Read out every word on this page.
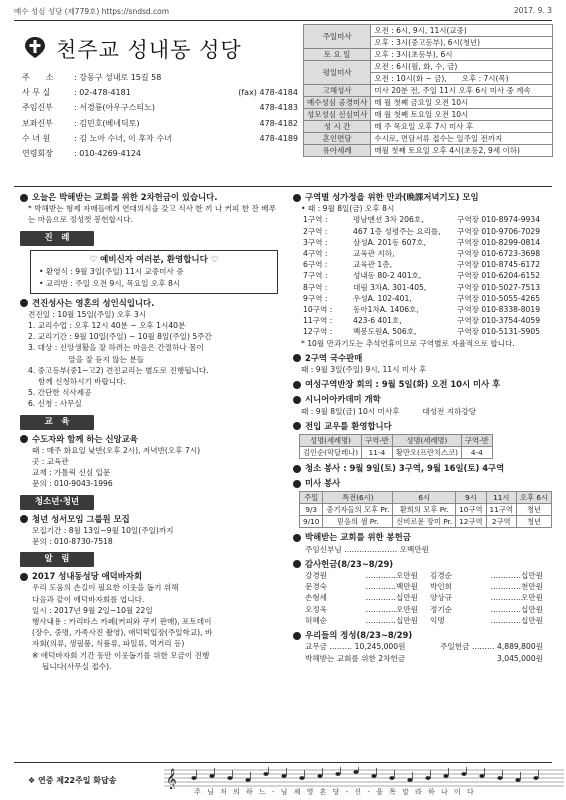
예수 성심 성당 (제779호) https://sndsd.com	2017. 9. 3
천주교 성내동 성당
주　　소	: 강동구 성내로 15길 58
사 무 실	: 02-478-4181	(fax) 478-4184
주임신부	: 서경룡(아우구스티노)	478-4183
보좌신부	: 김민호(베네딕토)	478-4182
수 녀 원	: 김 노아 수녀, 이 후자 수녀	478-4189
연령회장	: 010-4269-4124
주일미사	오전 : 6시, 9시, 11시(교중)
	오후 : 3시(중고등부), 6시(청년)
토 요 일	오후 : 3시(초등부), 6시
평일미사	오전 : 6시(월, 화, 수, 금)
	오전 : 10시(화 ~ 금),　　오후 : 7시(목)
고해성사	미사 20분 전, 주일 11시 오후 6시 미사 중 계속
예수성심 공경미사	매 월 첫째 금요일 오전 10시
성모성심 신심미사	매 월 첫째 토요일 오전 10시
성 시 간	매 주 목요일 오후 7시 미사 후
혼인면담	수시로, 면담서류 접수는 일주일 전까지
유아세례	매월 첫째 토요일 오후 4시(초등2, 9세 이하)
오늘은 박해받는 교회를 위한 2차헌금이 있습니다.
* 박해받는 형제 자매들에게 연대의식을 갖고 식사 한 끼 나 커피 한 잔 배푸는 마음으로 정성껏 봉헌합시다.
진　례
♡ 예비신자 여러분, 환영합니다 ♡
• 환영식 : 9월 3일(주일) 11시 교중미사 중
• 교리반 : 주일 오전 9시, 목요일 오후 8시
견진성사는 영혼의 성인식입니다.
견진일 : 10월 15일(주일) 오후 3시
1. 교리수업 : 오후 12시 40분 ~ 오후 1시40분
2. 교리기간 : 9월 10일(주일) ~ 10월 8일(주일) 5주간
3. 대상 : 신앙생활을 잘 하려는 마음은 간절하나 몸이
　　　　　 말을 잘 듣지 않는 분들
4. 중고등부(중1~고2) 견진교리는 별도로 진행됩니다.
　 함께 신청하시기 바랍니다.
5. 간단한 식사제공
6. 신청 : 사무실
교　육
수도자와 함께 하는 신앙교육
때 : 매주 화요일 낮반(오후 2시), 저녁반(오후 7시)
곳 : 교육관
교재 : 가톨릭 신심 입문
문의 : 010-9043-1996
청소년·청년
청년 성서모임 그룹원 모집
모집기간 : 8월 13일~9월 10일(주일)까지
문의 : 010-8730-7518
알　림
2017 성내동성당 애덕바자회
우리 도움의 손길이 필요한 이웃을 돕기 위해
다음과 같이 애덕바자회를 엽니다.
일시 : 2017년 9월 2일~10월 22일
행사내용 : 카리타스 카페(커피와 쿠키 판매), 포토데이
(장수, 중명, 가족사진 촬영), 애덕떡입장(주일학교), 바
자회(의류, 생필품, 식품류, 파일류, 먹거리 등)
※ 애덕바자회 기간 동안 이웃돕기를 위한 모금이 진행
　 됩니다(사무실 접수).
구역별 성가정을 위한 만과(晩課저녁기도) 모임
• 때 : 9월 8일(금) 오후 8시
1구역 :	평남맨션 3차 206호,	구역장 010-8974-9934
2구역 :	467 1층 성령주는 요리를,	구역장 010-9706-7029
3구역 :	삼성A. 201동 607호,	구역장 010-8299-0814
4구역 :	교육관 지하,	구역장 010-6723-3698
6구역 :	교육관 1층,	구역장 010-8745-6172
7구역 :	성내동 80-2 401호,	구역장 010-6204-6152
8구역 :	대림 3차A. 301-405,	구역장 010-5027-7513
9구역 :	우성A. 102-401,	구역장 010-5055-4265
10구역 :	동아1차A. 1406호,	구역장 010-8338-8019
11구역 :	423-6 401호,	구역장 010-3754-4059
12구역 :	백봉도원A. 506호,	구역장 010-5131-5905
* 10월 만과기도는 추석연휴이므로 구역별로 자율적으로 합니다.
2구역 국수판매
때 : 9월 3일(주일) 9시, 11시 미사 후
여성구역반장 회의 : 9월 5일(화) 오전 10시 미사 후
시니어아카데미 개학
때 : 9월 8일(금) 10시 미사후　　　대성전 지하강당
전입 교우를 환영합니다
성명(세례명)	구역-반	성명(세례명)	구역-반
김인순(막달레나)	11-4	황만오(프란치스코)	4-4
청소 봉사 : 9월 9일(토) 3구역, 9월 16일(토) 4구역
미사 봉사
주일	특전(6시)	6시	9시	11시	오후 6시
9/3	중기자들의 모후 Pr.	환희의 모후 Pr.	10구역	11구역	청년
9/10	믿음의 샘 Pr.	신비로운 장미 Pr.	12구역	2구역	청년
박해받는 교회를 위한 봉헌금
주임신부님 ………………… 오백만원
감사헌금(8/23~8/29)
강경원	…………오만원 김경순	…………십만원
문경숙	…………백만원 박인희	…………천만원
손형세	…………십만원 양상규	…………오만원
오정욱	…………오만원 정기순	…………십만원
허혜순	…………십만원 익명	…………십만원
우리들의 정성(8/23~8/29)
교무금 ……… 10,245,000원	주일헌금 ……… 4,889,800원
박해받는 교회를 위한 2차헌금	3,045,000원
❖ 연중 제22주일 화답송	𝄞
주 님 저 의 하 느 - 님 제 영 혼 당 - 신 - 을 목 말 라 하 나 이 다
